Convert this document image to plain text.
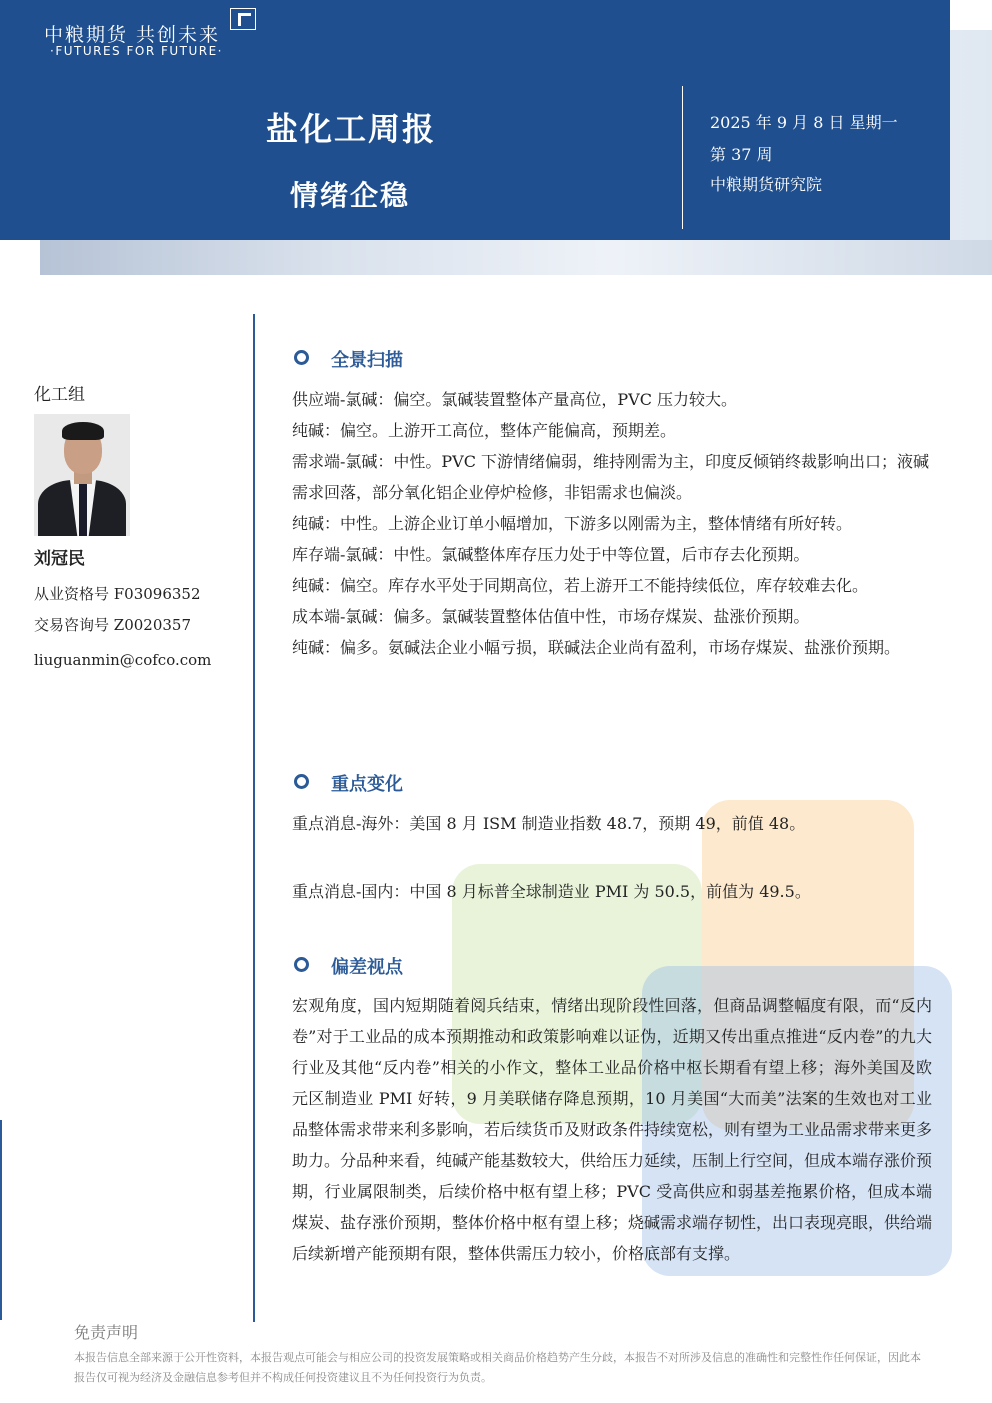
中粮期货 共创未来
·FUTURES FOR FUTURE·
盐化工周报
情绪企稳
2025 年 9 月 8 日 星期一
第 37 周
中粮期货研究院
化工组
刘冠民
从业资格号 F03096352
交易咨询号 Z0020357
liuguanmin@cofco.com
全景扫描

供应端-氯碱：偏空。氯碱装置整体产量高位，PVC 压力较大。

纯碱：偏空。上游开工高位，整体产能偏高，预期差。

需求端-氯碱：中性。PVC 下游情绪偏弱，维持刚需为主，印度反倾销终裁影响出口；液碱需求回落，部分氧化铝企业停炉检修，非铝需求也偏淡。

纯碱：中性。上游企业订单小幅增加，下游多以刚需为主，整体情绪有所好转。

库存端-氯碱：中性。氯碱整体库存压力处于中等位置，后市存去化预期。

纯碱：偏空。库存水平处于同期高位，若上游开工不能持续低位，库存较难去化。

成本端-氯碱：偏多。氯碱装置整体估值中性，市场存煤炭、盐涨价预期。

纯碱：偏多。氨碱法企业小幅亏损，联碱法企业尚有盈利，市场存煤炭、盐涨价预期。

重点变化
重点消息-海外：美国 8 月 ISM 制造业指数 48.7，预期 49，前值 48。
重点消息-国内：中国 8 月标普全球制造业 PMI 为 50.5，前值为 49.5。
偏差视点
宏观角度，国内短期随着阅兵结束，情绪出现阶段性回落，但商品调整幅度有限，而“反内卷”对于工业品的成本预期推动和政策影响难以证伪，近期又传出重点推进“反内卷”的九大行业及其他“反内卷”相关的小作文，整体工业品价格中枢长期看有望上移；海外美国及欧元区制造业 PMI 好转，9 月美联储存降息预期，10 月美国“大而美”法案的生效也对工业品整体需求带来利多影响，若后续货币及财政条件持续宽松，则有望为工业品需求带来更多助力。分品种来看，纯碱产能基数较大，供给压力延续，压制上行空间，但成本端存涨价预期，行业属限制类，后续价格中枢有望上移；PVC 受高供应和弱基差拖累价格，但成本端煤炭、盐存涨价预期，整体价格中枢有望上移；烧碱需求端存韧性，出口表现亮眼，供给端后续新增产能预期有限，整体供需压力较小，价格底部有支撑。
免责声明
本报告信息全部来源于公开性资料，本报告观点可能会与相应公司的投资发展策略或相关商品价格趋势产生分歧，本报告不对所涉及信息的准确性和完整性作任何保证，因此本报告仅可视为经济及金融信息参考但并不构成任何投资建议且不为任何投资行为负责。
